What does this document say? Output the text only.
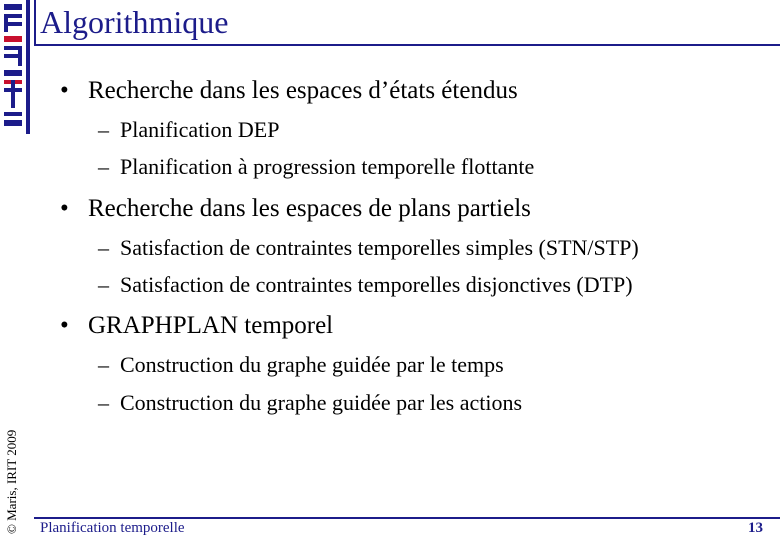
© Maris, IRIT 2009
Algorithmique
• Recherche dans les espaces d’états étendus
– Planification DEP
– Planification à progression temporelle flottante
• Recherche dans les espaces de plans partiels
– Satisfaction de contraintes temporelles simples (STN/STP)
– Satisfaction de contraintes temporelles disjonctives (DTP)
• GRAPHPLAN temporel
– Construction du graphe guidée par le temps
– Construction du graphe guidée par les actions
Planification temporelle	13
